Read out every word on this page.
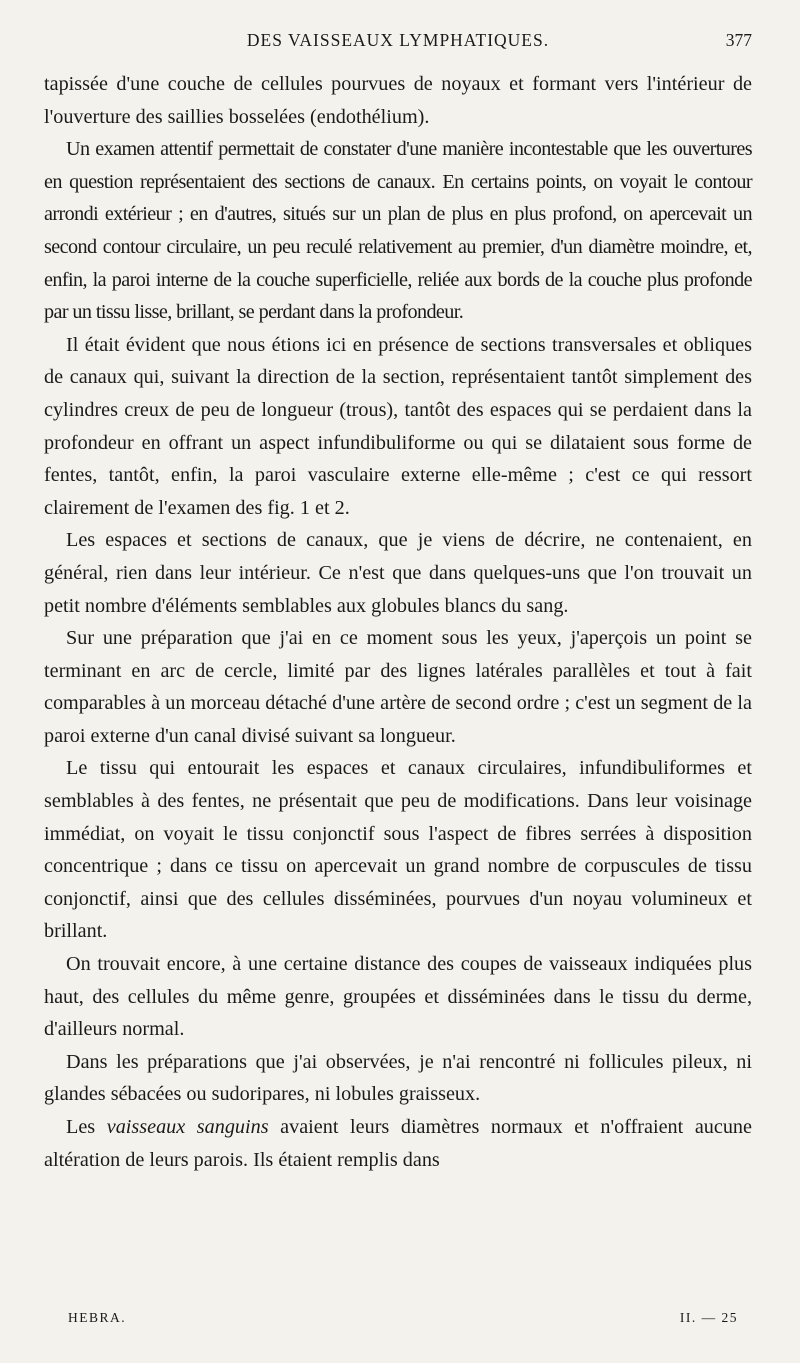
DES VAISSEAUX LYMPHATIQUES.	377

tapissée d'une couche de cellules pourvues de noyaux et formant vers l'intérieur de l'ouverture des saillies bosselées (endothélium).

Un examen attentif permettait de constater d'une manière incontestable que les ouvertures en question représentaient des sections de canaux. En certains points, on voyait le contour arrondi extérieur ; en d'autres, situés sur un plan de plus en plus profond, on apercevait un second contour circulaire, un peu reculé relativement au premier, d'un diamètre moindre, et, enfin, la paroi interne de la couche superficielle, reliée aux bords de la couche plus profonde par un tissu lisse, brillant, se perdant dans la profondeur.

Il était évident que nous étions ici en présence de sections transversales et obliques de canaux qui, suivant la direction de la section, représentaient tantôt simplement des cylindres creux de peu de longueur (trous), tantôt des espaces qui se perdaient dans la profondeur en offrant un aspect infundibuliforme ou qui se dilataient sous forme de fentes, tantôt, enfin, la paroi vasculaire externe elle-même ; c'est ce qui ressort clairement de l'examen des fig. 1 et 2.

Les espaces et sections de canaux, que je viens de décrire, ne contenaient, en général, rien dans leur intérieur. Ce n'est que dans quelques-uns que l'on trouvait un petit nombre d'éléments semblables aux globules blancs du sang.

Sur une préparation que j'ai en ce moment sous les yeux, j'aperçois un point se terminant en arc de cercle, limité par des lignes latérales parallèles et tout à fait comparables à un morceau détaché d'une artère de second ordre ; c'est un segment de la paroi externe d'un canal divisé suivant sa longueur.

Le tissu qui entourait les espaces et canaux circulaires, infundibuliformes et semblables à des fentes, ne présentait que peu de modifications. Dans leur voisinage immédiat, on voyait le tissu conjonctif sous l'aspect de fibres serrées à disposition concentrique ; dans ce tissu on apercevait un grand nombre de corpuscules de tissu conjonctif, ainsi que des cellules disséminées, pourvues d'un noyau volumineux et brillant.

On trouvait encore, à une certaine distance des coupes de vaisseaux indiquées plus haut, des cellules du même genre, groupées et disséminées dans le tissu du derme, d'ailleurs normal.

Dans les préparations que j'ai observées, je n'ai rencontré ni follicules pileux, ni glandes sébacées ou sudoripares, ni lobules graisseux.

Les vaisseaux sanguins avaient leurs diamètres normaux et n'offraient aucune altération de leurs parois. Ils étaient remplis dans

HEBRA.	II. — 25
